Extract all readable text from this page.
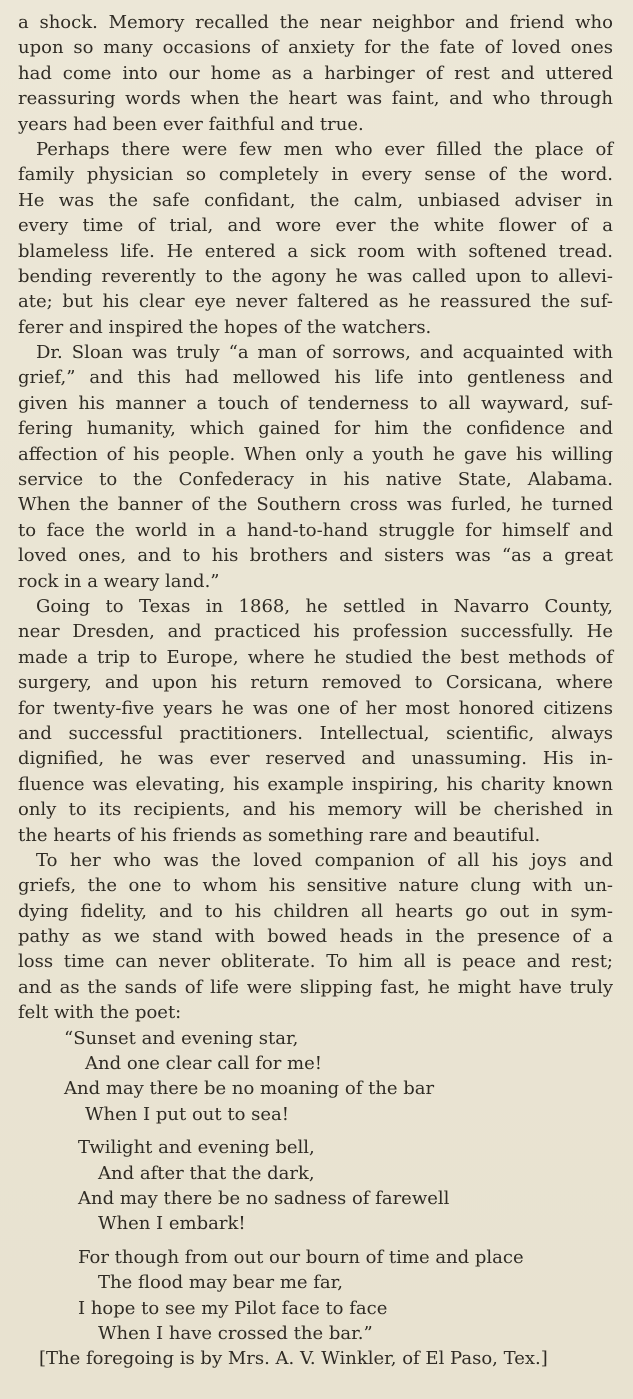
a shock. Memory recalled the near neighbor and friend who
upon so many occasions of anxiety for the fate of loved ones
had come into our home as a harbinger of rest and uttered
reassuring words when the heart was faint, and who through
years had been ever faithful and true.
Perhaps there were few men who ever filled the place of
family physician so completely in every sense of the word.
He was the safe confidant, the calm, unbiased adviser in
every time of trial, and wore ever the white flower of a
blameless life. He entered a sick room with softened tread.
bending reverently to the agony he was called upon to allevi-
ate; but his clear eye never faltered as he reassured the suf-
ferer and inspired the hopes of the watchers.
Dr. Sloan was truly “a man of sorrows, and acquainted with
grief,” and this had mellowed his life into gentleness and
given his manner a touch of tenderness to all wayward, suf-
fering humanity, which gained for him the confidence and
affection of his people. When only a youth he gave his willing
service to the Confederacy in his native State, Alabama.
When the banner of the Southern cross was furled, he turned
to face the world in a hand-to-hand struggle for himself and
loved ones, and to his brothers and sisters was “as a great
rock in a weary land.”
Going to Texas in 1868, he settled in Navarro County,
near Dresden, and practiced his profession successfully. He
made a trip to Europe, where he studied the best methods of
surgery, and upon his return removed to Corsicana, where
for twenty-five years he was one of her most honored citizens
and successful practitioners. Intellectual, scientific, always
dignified, he was ever reserved and unassuming. His in-
fluence was elevating, his example inspiring, his charity known
only to its recipients, and his memory will be cherished in
the hearts of his friends as something rare and beautiful.
To her who was the loved companion of all his joys and
griefs, the one to whom his sensitive nature clung with un-
dying fidelity, and to his children all hearts go out in sym-
pathy as we stand with bowed heads in the presence of a
loss time can never obliterate. To him all is peace and rest;
and as the sands of life were slipping fast, he might have truly
felt with the poet:
“Sunset and evening star,
And one clear call for me!
And may there be no moaning of the bar
When I put out to sea!
Twilight and evening bell,
And after that the dark,
And may there be no sadness of farewell
When I embark!
For though from out our bourn of time and place
The flood may bear me far,
I hope to see my Pilot face to face
When I have crossed the bar.”
[The foregoing is by Mrs. A. V. Winkler, of El Paso, Tex.]
